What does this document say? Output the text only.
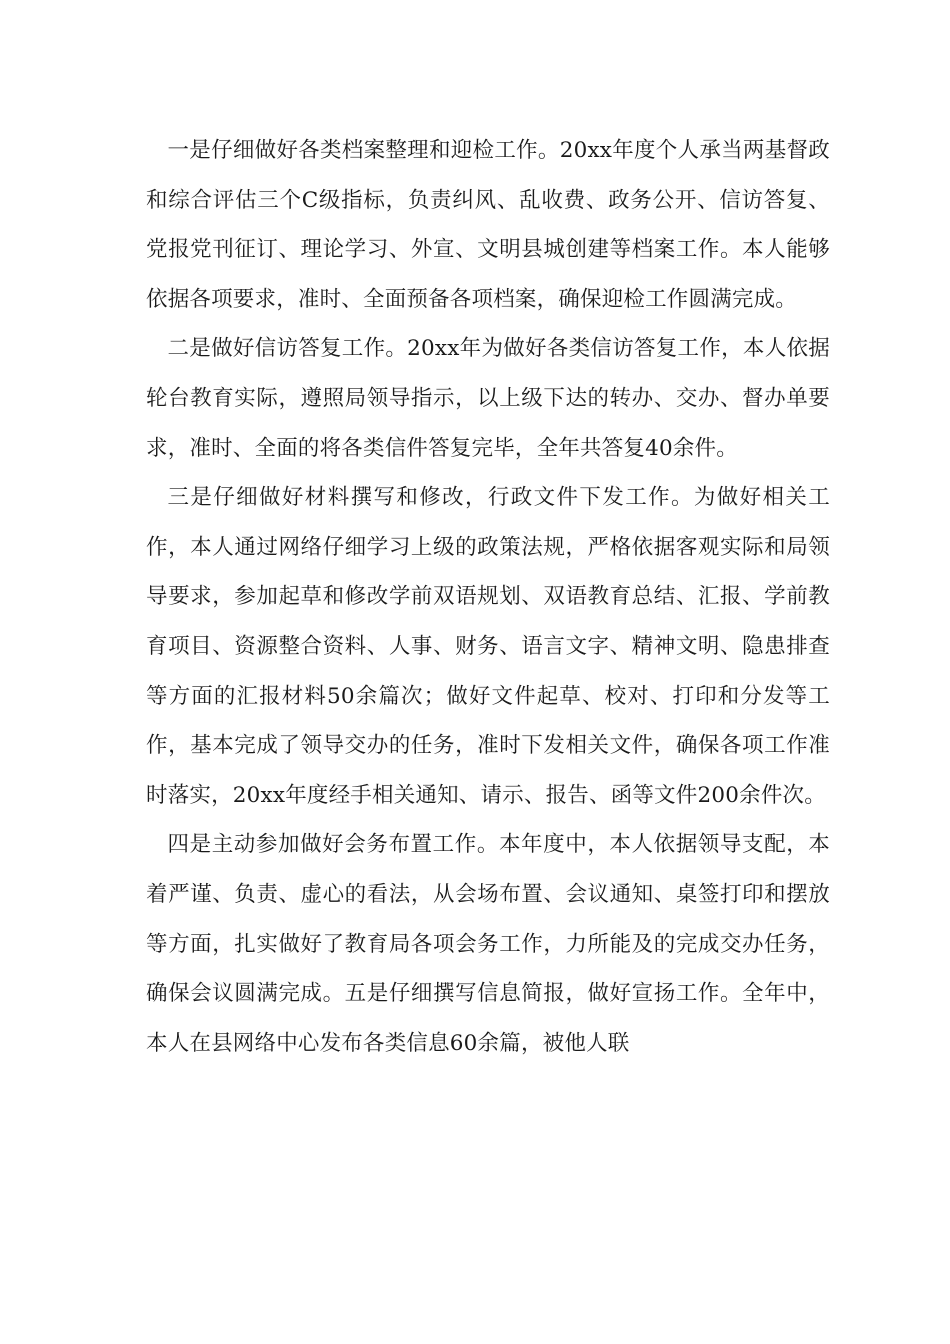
一是仔细做好各类档案整理和迎检工作。20xx年度个人承当两基督政和综合评估三个C级指标，负责纠风、乱收费、政务公开、信访答复、党报党刊征订、理论学习、外宣、文明县城创建等档案工作。本人能够依据各项要求，准时、全面预备各项档案，确保迎检工作圆满完成。

二是做好信访答复工作。20xx年为做好各类信访答复工作，本人依据轮台教育实际，遵照局领导指示，以上级下达的转办、交办、督办单要求，准时、全面的将各类信件答复完毕，全年共答复40余件。

三是仔细做好材料撰写和修改，行政文件下发工作。为做好相关工作，本人通过网络仔细学习上级的政策法规，严格依据客观实际和局领导要求，参加起草和修改学前双语规划、双语教育总结、汇报、学前教育项目、资源整合资料、人事、财务、语言文字、精神文明、隐患排查等方面的汇报材料50余篇次；做好文件起草、校对、打印和分发等工作，基本完成了领导交办的任务，准时下发相关文件，确保各项工作准时落实，20xx年度经手相关通知、请示、报告、函等文件200余件次。

四是主动参加做好会务布置工作。本年度中，本人依据领导支配，本着严谨、负责、虚心的看法，从会场布置、会议通知、桌签打印和摆放等方面，扎实做好了教育局各项会务工作，力所能及的完成交办任务，确保会议圆满完成。五是仔细撰写信息简报，做好宣扬工作。全年中，本人在县网络中心发布各类信息60余篇，被他人联
